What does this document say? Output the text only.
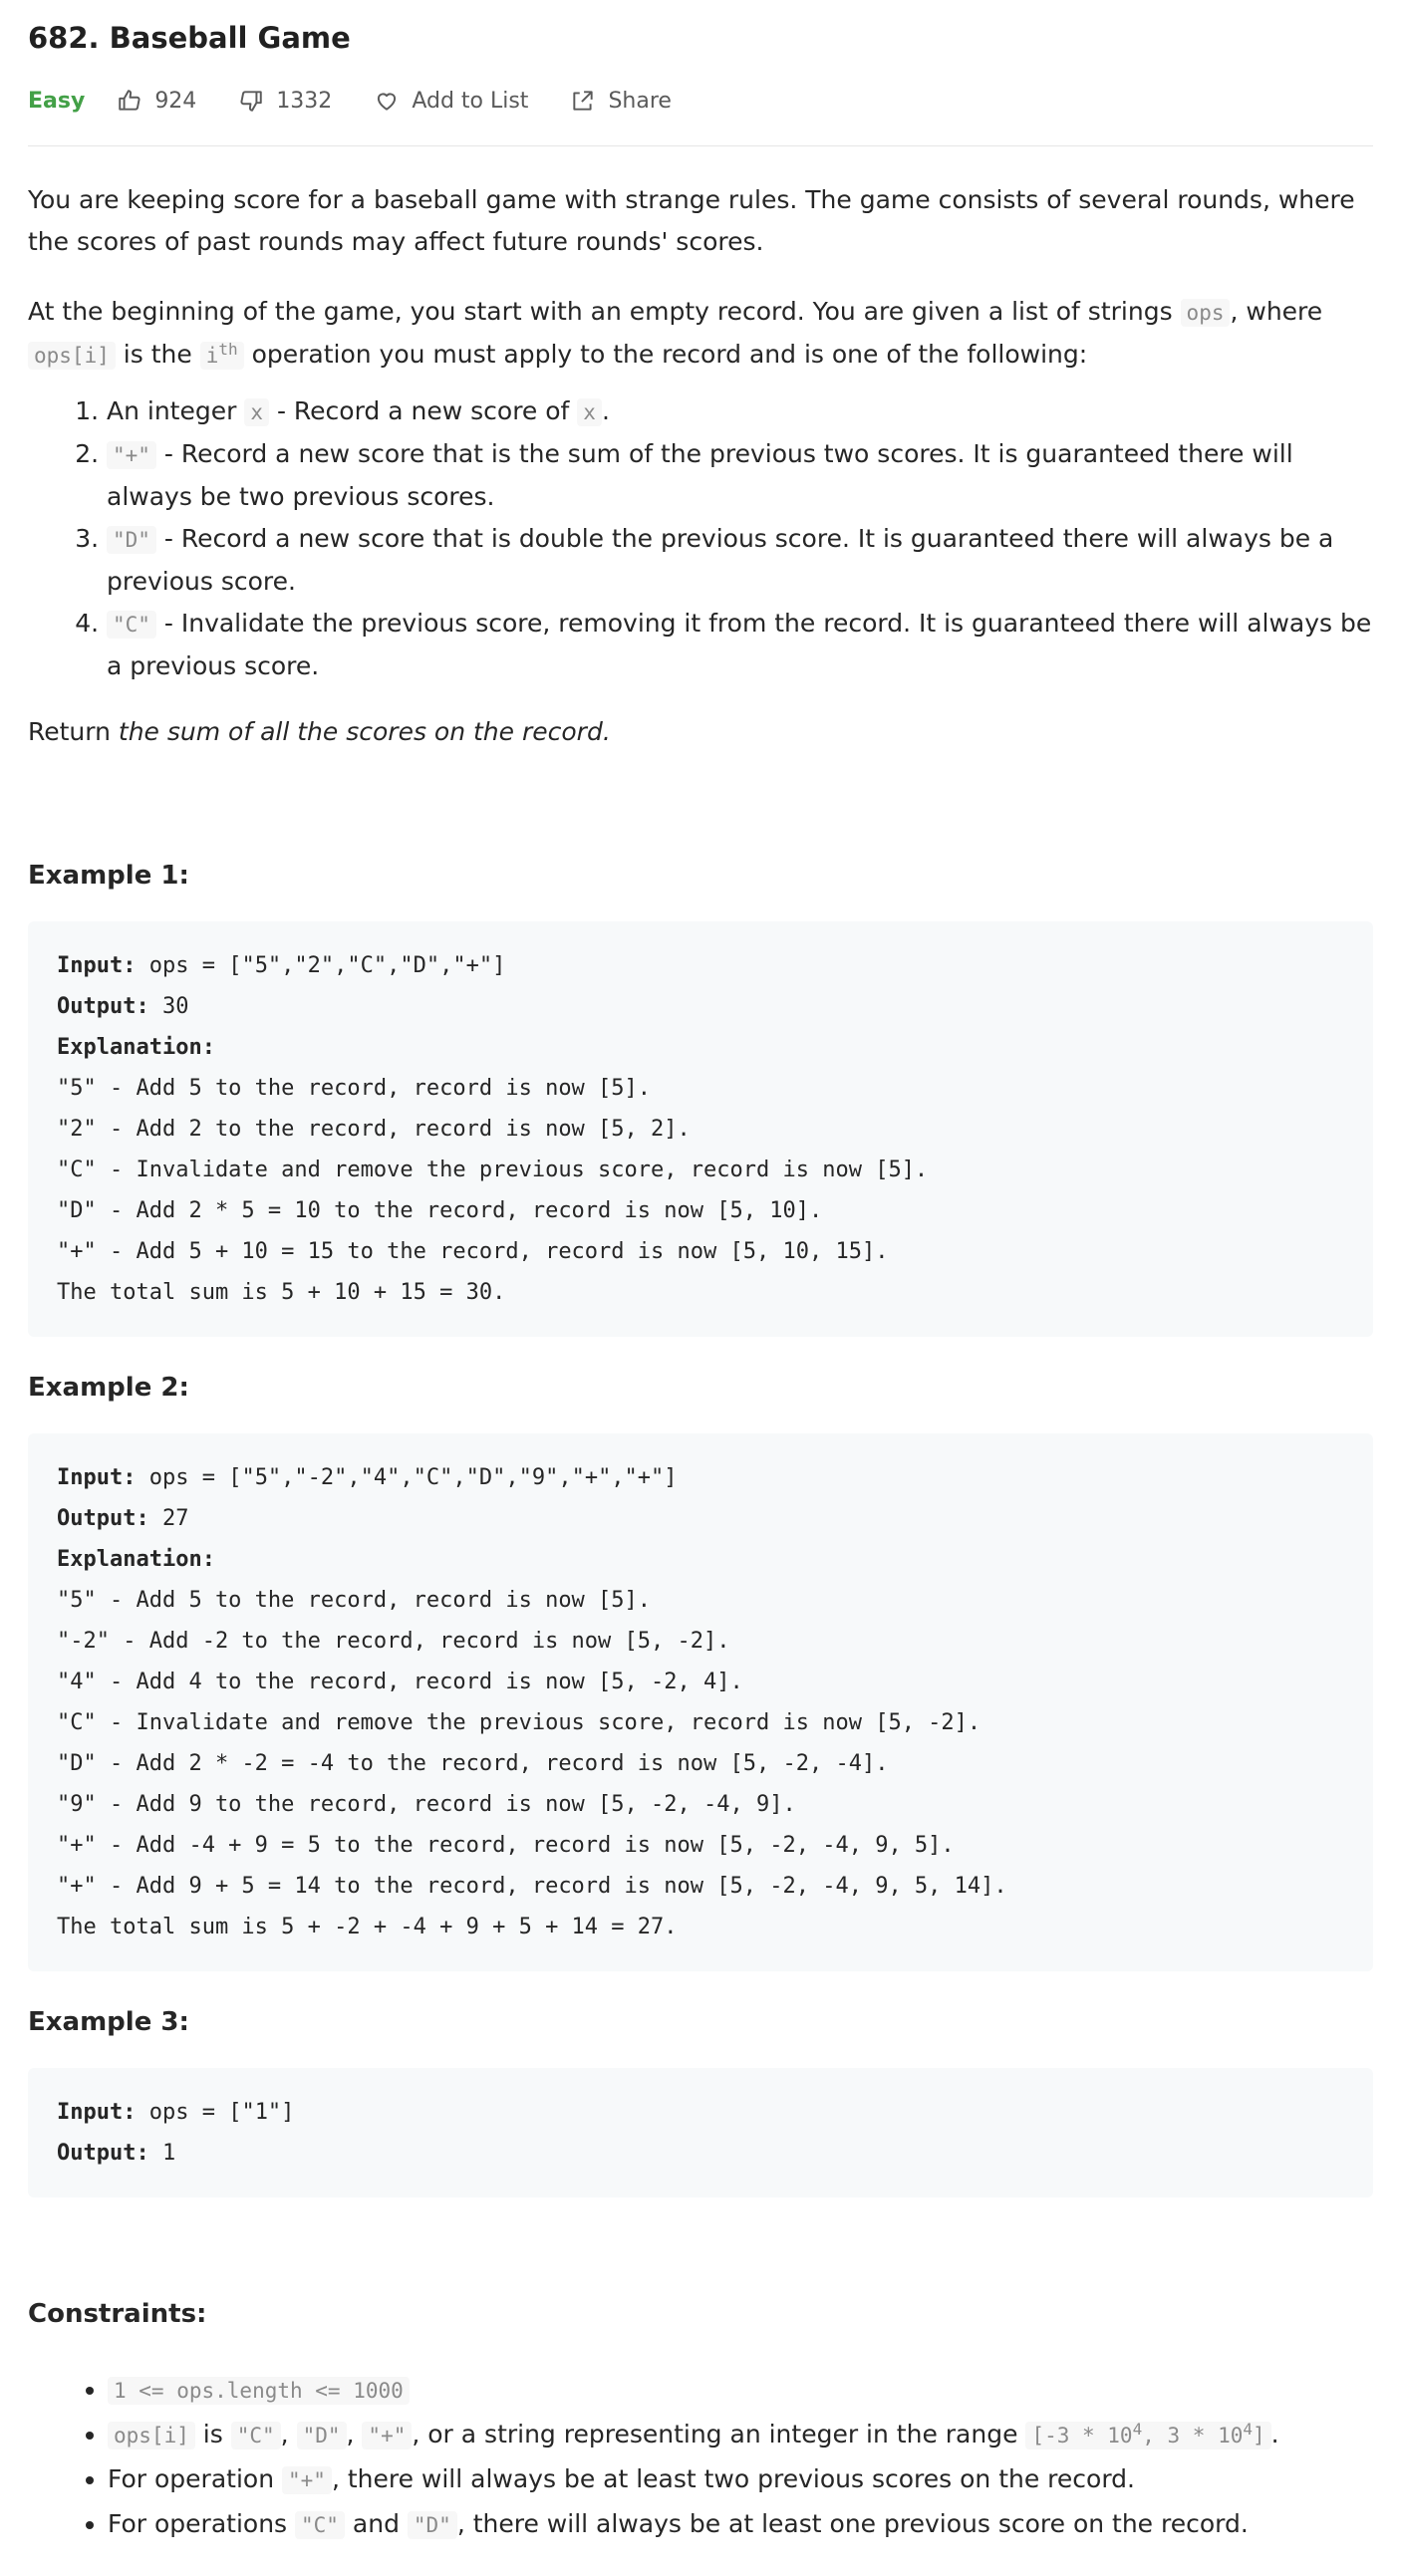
682. Baseball Game
Easy	924	1332	Add to List	Share

You are keeping score for a baseball game with strange rules. The game consists of several rounds, where the scores of past rounds may affect future rounds' scores.

At the beginning of the game, you start with an empty record. You are given a list of strings ops , where
ops[i] is the $i^{th}$ operation you must apply to the record and is one of the following:

1. An integer x - Record a new score of x .
2. "+" - Record a new score that is the sum of the previous two scores. It is guaranteed there will always be two previous scores.
3. "D" - Record a new score that is double the previous score. It is guaranteed there will always be a previous score.
4. "C" - Invalidate the previous score, removing it from the record. It is guaranteed there will always be a previous score.

Return the sum of all the scores on the record.

Example 1:
Input: ops = ["5","2","C","D","+"]
Output: 30
Explanation:
"5" - Add 5 to the record, record is now [5].
"2" - Add 2 to the record, record is now [5, 2].
"C" - Invalidate and remove the previous score, record is now [5].
"D" - Add 2 * 5 = 10 to the record, record is now [5, 10].
"+" - Add 5 + 10 = 15 to the record, record is now [5, 10, 15].
The total sum is 5 + 10 + 15 = 30.
Example 2:
Input: ops = ["5","-2","4","C","D","9","+","+"]
Output: 27
Explanation:
"5" - Add 5 to the record, record is now [5].
"-2" - Add -2 to the record, record is now [5, -2].
"4" - Add 4 to the record, record is now [5, -2, 4].
"C" - Invalidate and remove the previous score, record is now [5, -2].
"D" - Add 2 * -2 = -4 to the record, record is now [5, -2, -4].
"9" - Add 9 to the record, record is now [5, -2, -4, 9].
"+" - Add -4 + 9 = 5 to the record, record is now [5, -2, -4, 9, 5].
"+" - Add 9 + 5 = 14 to the record, record is now [5, -2, -4, 9, 5, 14].
The total sum is 5 + -2 + -4 + 9 + 5 + 14 = 27.
Example 3:
Input: ops = ["1"]
Output: 1
Constraints:
• 1 <= ops.length <= 1000
• ops[i] is "C" , "D" , "+" , or a string representing an integer in the range [$-3 * 10^4$, $3 * 10^4$] .
• For operation "+" , there will always be at least two previous scores on the record.
• For operations "C" and "D" , there will always be at least one previous score on the record.
